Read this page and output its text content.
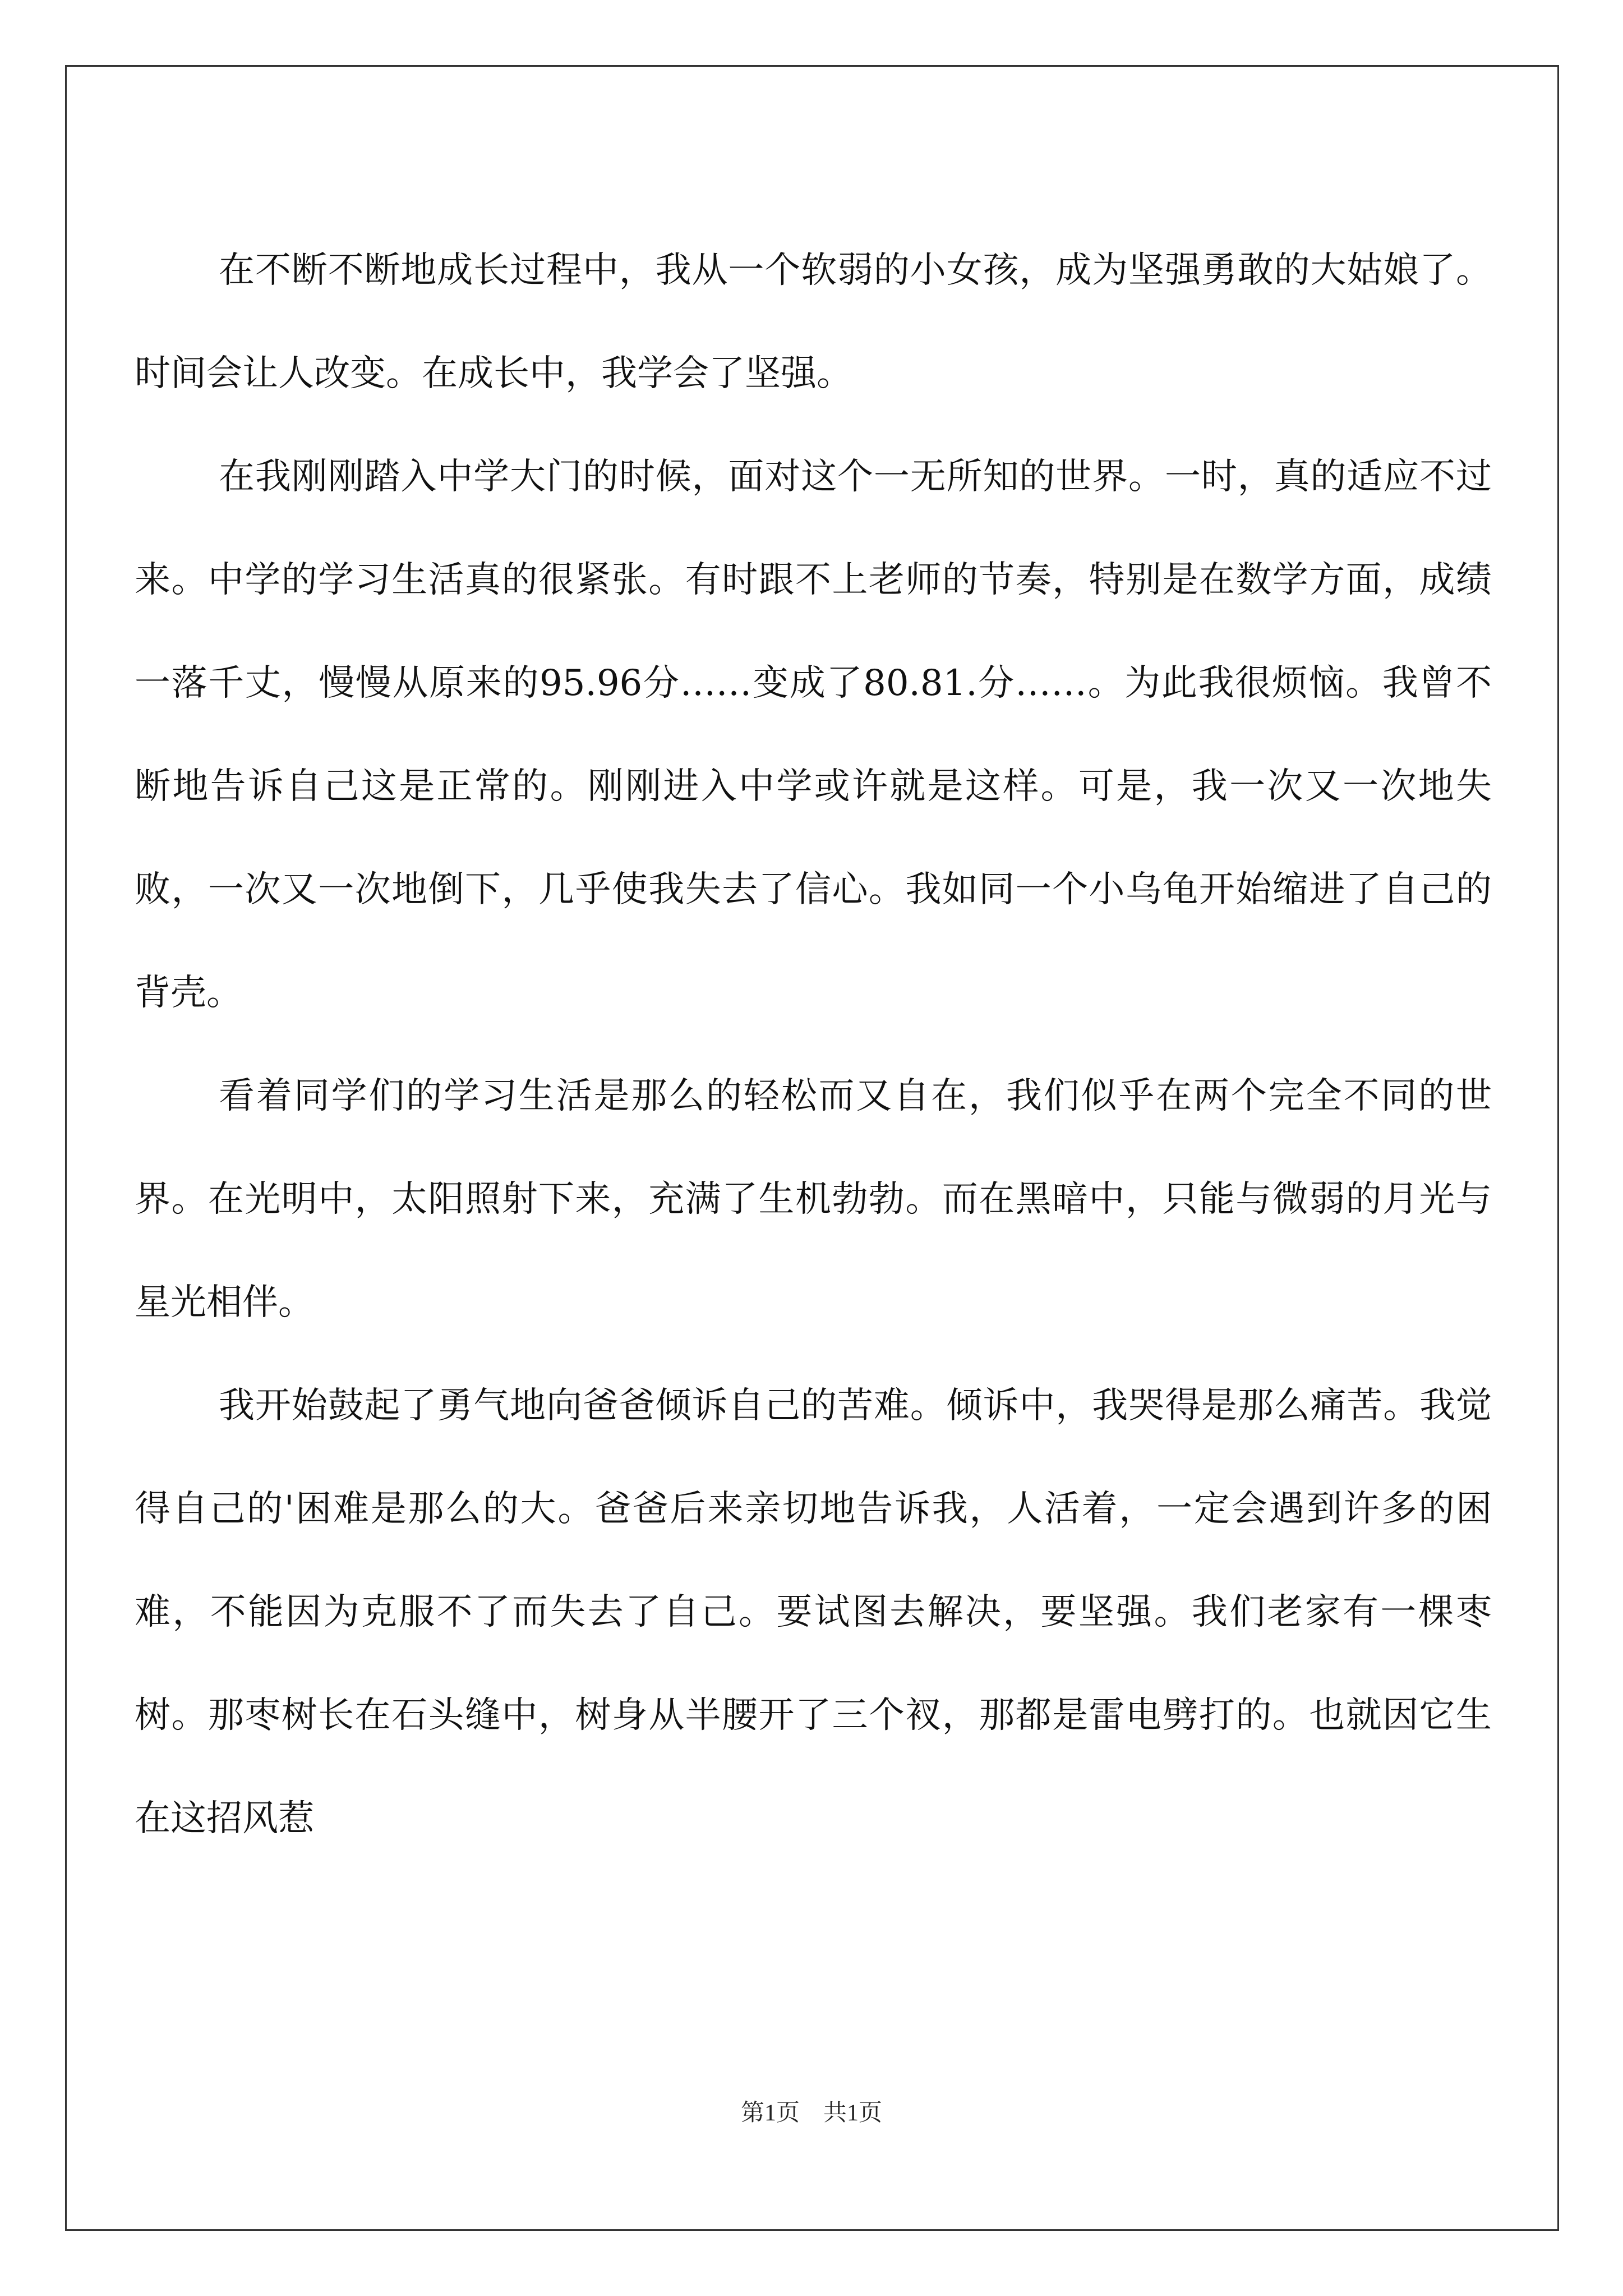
在不断不断地成长过程中，我从一个软弱的小女孩，成为坚强勇敢的大姑娘了。时间会让人改变。在成长中，我学会了坚强。

在我刚刚踏入中学大门的时候，面对这个一无所知的世界。一时，真的适应不过来。中学的学习生活真的很紧张。有时跟不上老师的节奏，特别是在数学方面，成绩一落千丈，慢慢从原来的95.96分……变成了80.81.分……。为此我很烦恼。我曾不断地告诉自己这是正常的。刚刚进入中学或许就是这样。可是，我一次又一次地失败，一次又一次地倒下，几乎使我失去了信心。我如同一个小乌龟开始缩进了自己的背壳。

看着同学们的学习生活是那么的轻松而又自在，我们似乎在两个完全不同的世界。在光明中，太阳照射下来，充满了生机勃勃。而在黑暗中，只能与微弱的月光与星光相伴。

我开始鼓起了勇气地向爸爸倾诉自己的苦难。倾诉中，我哭得是那么痛苦。我觉得自己的'困难是那么的大。爸爸后来亲切地告诉我，人活着，一定会遇到许多的困难，不能因为克服不了而失去了自己。要试图去解决，要坚强。我们老家有一棵枣树。那枣树长在石头缝中，树身从半腰开了三个衩，那都是雷电劈打的。也就因它生在这招风惹

第1页　共1页
